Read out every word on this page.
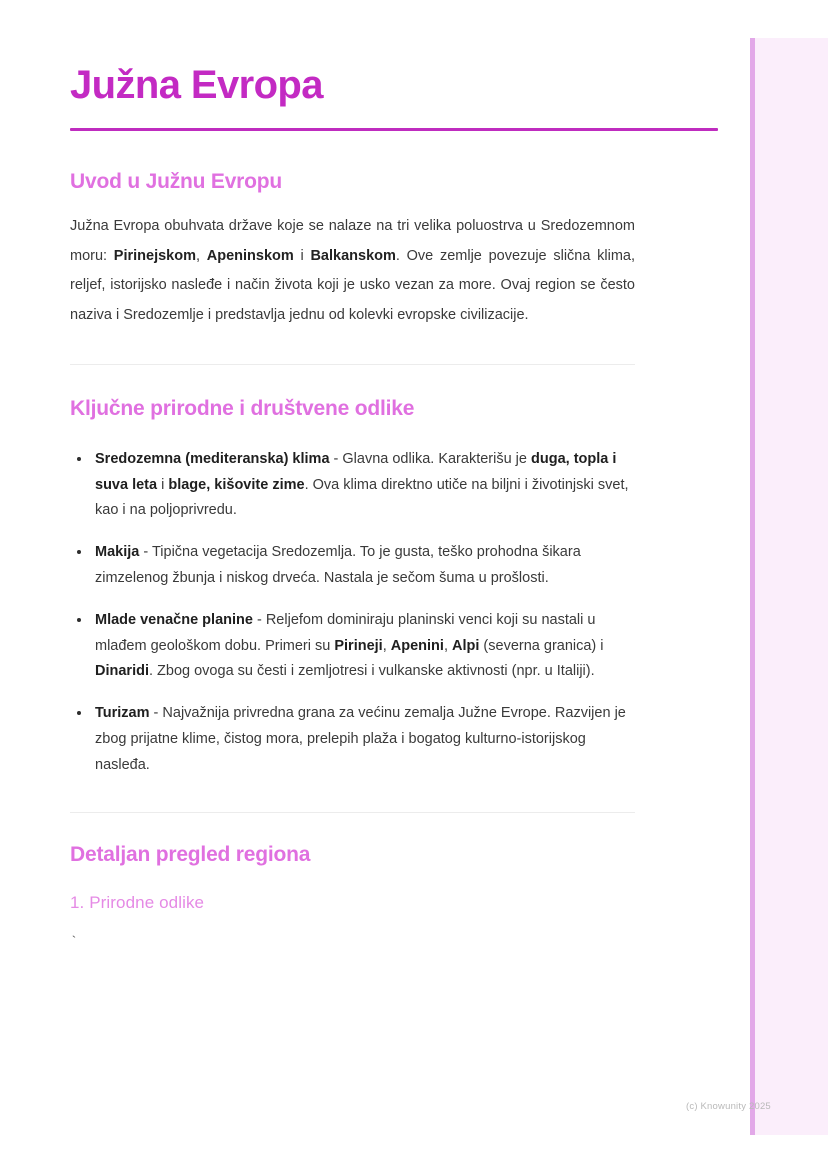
Južna Evropa
Uvod u Južnu Evropu

Južna Evropa obuhvata države koje se nalaze na tri velika poluostrva u Sredozemnom moru: Pirinejskom, Apeninskom i Balkanskom. Ove zemlje povezuje slična klima, reljef, istorijsko nasleđe i način života koji je usko vezan za more. Ovaj region se često naziva i Sredozemlje i predstavlja jednu od kolevki evropske civilizacije.

Ključne prirodne i društvene odlike
Sredozemna (mediteranska) klima - Glavna odlika. Karakterišu je duga, topla i suva leta i blage, kišovite zime. Ova klima direktno utiče na biljni i životinjski svet, kao i na poljoprivredu.
Makija - Tipična vegetacija Sredozemlja. To je gusta, teško prohodna šikara zimzelenog žbunja i niskog drveća. Nastala je sečom šuma u prošlosti.
Mlade venačne planine - Reljefom dominiraju planinski venci koji su nastali u mlađem geološkom dobu. Primeri su Pirineji, Apenini, Alpi (severna granica) i Dinaridi. Zbog ovoga su česti i zemljotresi i vulkanske aktivnosti (npr. u Italiji).
Turizam - Najvažnija privredna grana za većinu zemalja Južne Evrope. Razvijen je zbog prijatne klime, čistog mora, prelepih plaža i bogatog kulturno-istorijskog nasleđa.
Detaljan pregled regiona
1. Prirodne odlike
`
(c) Knowunity 2025
